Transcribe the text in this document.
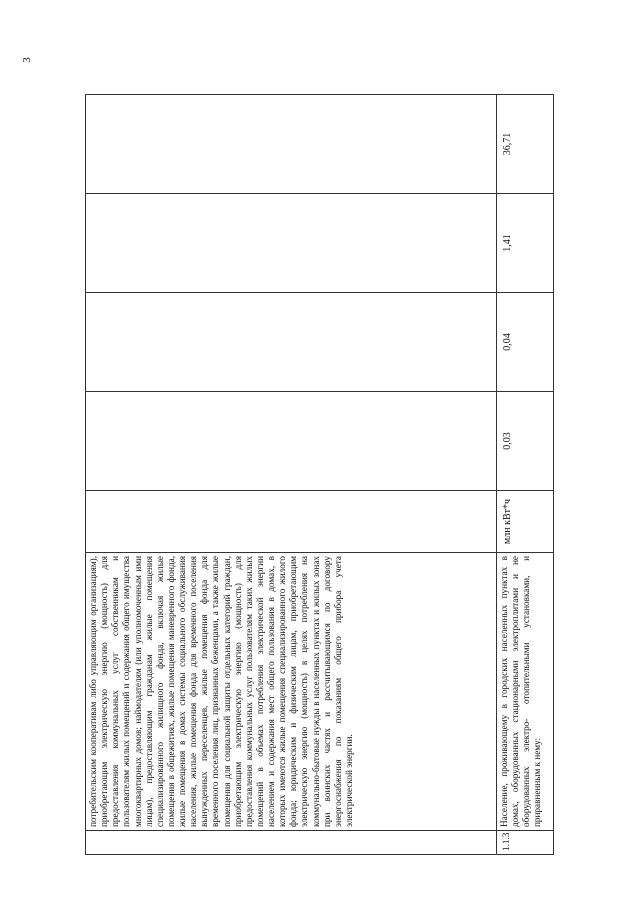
3
	потребительским кооперативам либо управляющим организациям), приобретающим электрическую энергию (мощность) для предоставления коммунальных услуг собственникам и пользователям жилых помещений и содержания общего имущества многоквартирных домов; наймодателям (или уполномоченным ими лицам), предоставляющим гражданам жилые помещения специализированного жилищного фонда, включая жилые помещения в общежитиях, жилые помещения маневренного фонда, жилые помещения в домах системы социального обслуживания населения, жилые помещения фонда для временного поселения вынужденных переселенцев, жилые помещения фонда для временного поселения лиц, признанных беженцами, а также жилые помещения для социальной защиты отдельных категорий граждан, приобретающим электрическую энергию (мощность) для предоставления коммунальных услуг пользователям таких жилых помещений в объемах потребления электрической энергии населением и содержания мест общего пользования в домах, в которых имеются жилые помещения специализированного жилого фонда; юридическим и физическим лицам, приобретающим электрическую энергию (мощность) в целях потребления на коммунально-бытовые нужды в населенных пунктах и жилых зонах при воинских частях и рассчитывающимся по договору энергоснабжения по показаниям общего прибора учета электрической энергии.					
1.1.3	Население, проживающему в городских населенных пунктах в домах, оборудованных стационарными электроплитами и не оборудованных электро- отопительными установками, и приравненным к нему:	млн кВт*ч	0,03	0,04	1,41	36,71
